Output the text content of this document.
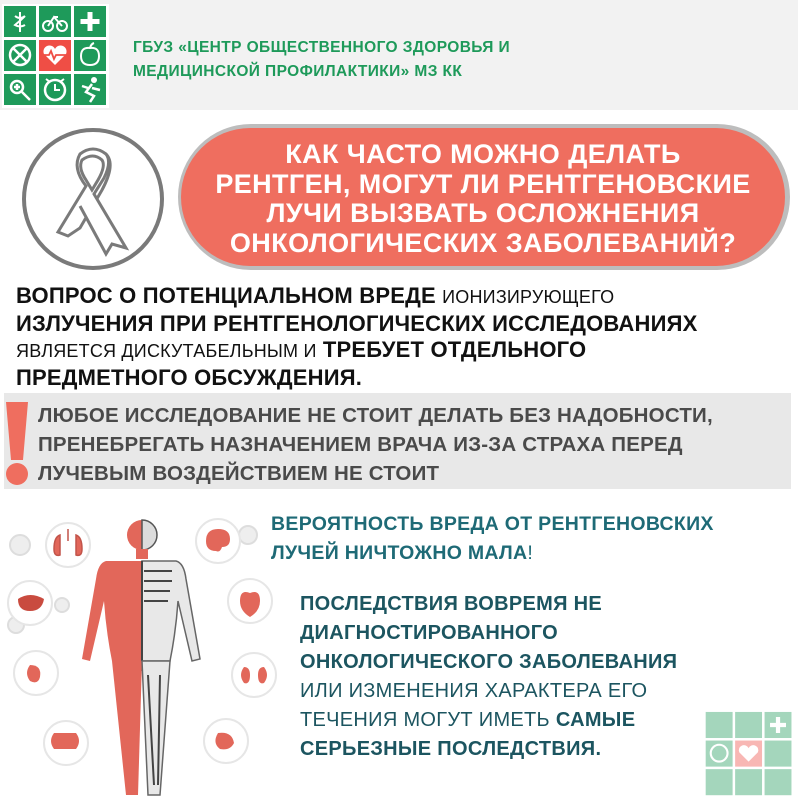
ГБУЗ «ЦЕНТР ОБЩЕСТВЕННОГО ЗДОРОВЬЯ И
МЕДИЦИНСКОЙ ПРОФИЛАКТИКИ» МЗ КК
КАК ЧАСТО МОЖНО ДЕЛАТЬ
РЕНТГЕН, МОГУТ ЛИ РЕНТГЕНОВСКИЕ
ЛУЧИ ВЫЗВАТЬ ОСЛОЖНЕНИЯ
ОНКОЛОГИЧЕСКИХ ЗАБОЛЕВАНИЙ?
ВОПРОС О ПОТЕНЦИАЛЬНОМ ВРЕДЕ ИОНИЗИРУЮЩЕГО
ИЗЛУЧЕНИЯ ПРИ РЕНТГЕНОЛОГИЧЕСКИХ ИССЛЕДОВАНИЯХ
ЯВЛЯЕТСЯ ДИСКУТАБЕЛЬНЫМ И ТРЕБУЕТ ОТДЕЛЬНОГО
ПРЕДМЕТНОГО ОБСУЖДЕНИЯ.
ЛЮБОЕ ИССЛЕДОВАНИЕ НЕ СТОИТ ДЕЛАТЬ БЕЗ НАДОБНОСТИ,
ПРЕНЕБРЕГАТЬ НАЗНАЧЕНИЕМ ВРАЧА ИЗ-ЗА СТРАХА ПЕРЕД
ЛУЧЕВЫМ ВОЗДЕЙСТВИЕМ НЕ СТОИТ
ВЕРОЯТНОСТЬ ВРЕДА ОТ РЕНТГЕНОВСКИХ
ЛУЧЕЙ НИЧТОЖНО МАЛА!
ПОСЛЕДСТВИЯ ВОВРЕМЯ НЕ
ДИАГНОСТИРОВАННОГО
ОНКОЛОГИЧЕСКОГО ЗАБОЛЕВАНИЯ
ИЛИ ИЗМЕНЕНИЯ ХАРАКТЕРА ЕГО
ТЕЧЕНИЯ МОГУТ ИМЕТЬ САМЫЕ
СЕРЬЕЗНЫЕ ПОСЛЕДСТВИЯ.
